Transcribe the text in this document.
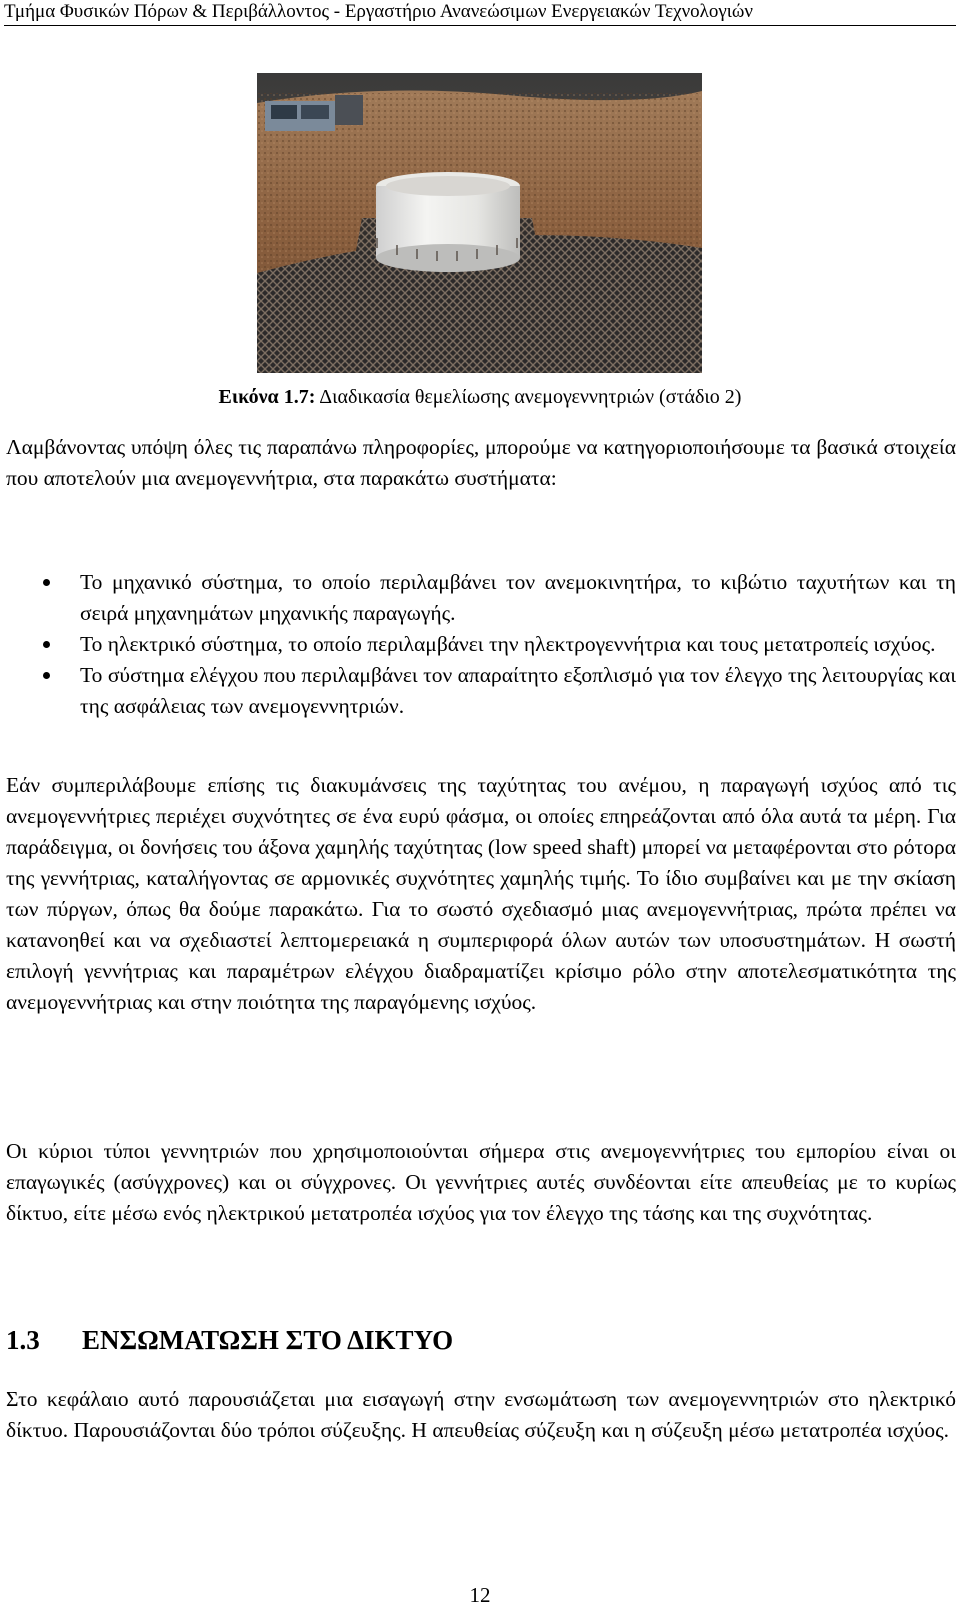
Τμήμα Φυσικών Πόρων & Περιβάλλοντος - Εργαστήριο Ανανεώσιμων Ενεργειακών Τεχνολογιών
Εικόνα 1.7: Διαδικασία θεμελίωσης ανεμογεννητριών (στάδιο 2)

Λαμβάνοντας υπόψη όλες τις παραπάνω πληροφορίες, μπορούμε να κατηγοριοποιήσουμε τα βασικά στοιχεία που αποτελούν μια ανεμογεννήτρια, στα παρακάτω συστήματα:

Το μηχανικό σύστημα, το οποίο περιλαμβάνει τον ανεμοκινητήρα, το κιβώτιο ταχυτήτων και τη σειρά μηχανημάτων μηχανικής παραγωγής.
Το ηλεκτρικό σύστημα, το οποίο περιλαμβάνει την ηλεκτρογεννήτρια και τους μετατροπείς ισχύος.
Το σύστημα ελέγχου που περιλαμβάνει τον απαραίτητο εξοπλισμό για τον έλεγχο της λειτουργίας και της ασφάλειας των ανεμογεννητριών.

Εάν συμπεριλάβουμε επίσης τις διακυμάνσεις της ταχύτητας του ανέμου, η παραγωγή ισχύος από τις ανεμογεννήτριες περιέχει συχνότητες σε ένα ευρύ φάσμα, οι οποίες επηρεάζονται από όλα αυτά τα μέρη. Για παράδειγμα, οι δονήσεις του άξονα χαμηλής ταχύτητας (low speed shaft) μπορεί να μεταφέρονται στο ρότορα της γεννήτριας, καταλήγοντας σε αρμονικές συχνότητες χαμηλής τιμής. Το ίδιο συμβαίνει και με την σκίαση των πύργων, όπως θα δούμε παρακάτω. Για το σωστό σχεδιασμό μιας ανεμογεννήτριας, πρώτα πρέπει να κατανοηθεί και να σχεδιαστεί λεπτομερειακά η συμπεριφορά όλων αυτών των υποσυστημάτων. Η σωστή επιλογή γεννήτριας και παραμέτρων ελέγχου διαδραματίζει κρίσιμο ρόλο στην αποτελεσματικότητα της ανεμογεννήτριας και στην ποιότητα της παραγόμενης ισχύος.

Οι κύριοι τύποι γεννητριών που χρησιμοποιούνται σήμερα στις ανεμογεννήτριες του εμπορίου είναι οι επαγωγικές (ασύγχρονες) και οι σύγχρονες. Οι γεννήτριες αυτές συνδέονται είτε απευθείας με το κυρίως δίκτυο, είτε μέσω ενός ηλεκτρικού μετατροπέα ισχύος για τον έλεγχο της τάσης και της συχνότητας.

1.3 ΕΝΣΩΜΑΤΩΣΗ ΣΤΟ ΔΙΚΤΥΟ

Στο κεφάλαιο αυτό παρουσιάζεται μια εισαγωγή στην ενσωμάτωση των ανεμογεννητριών στο ηλεκτρικό δίκτυο. Παρουσιάζονται δύο τρόποι σύζευξης. Η απευθείας σύζευξη και η σύζευξη μέσω μετατροπέα ισχύος.

12
